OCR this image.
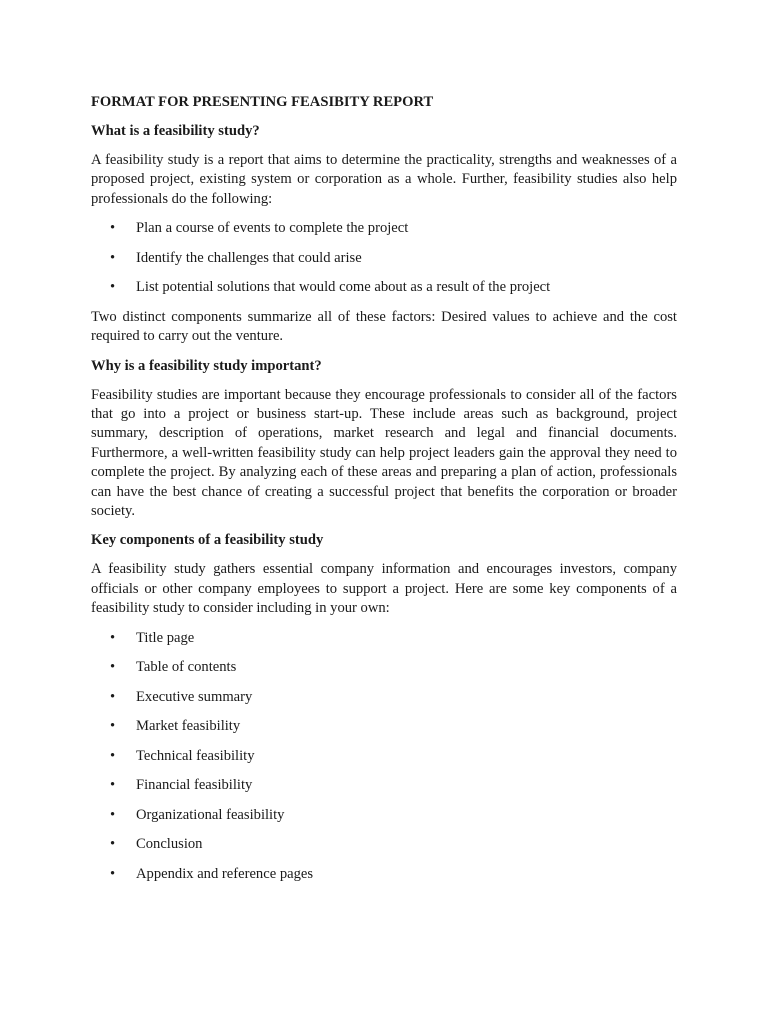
FORMAT FOR PRESENTING FEASIBITY REPORT

What is a feasibility study?

A feasibility study is a report that aims to determine the practicality, strengths and weaknesses of a proposed project, existing system or corporation as a whole. Further, feasibility studies also help professionals do the following:

• Plan a course of events to complete the project
• Identify the challenges that could arise
• List potential solutions that would come about as a result of the project

Two distinct components summarize all of these factors: Desired values to achieve and the cost required to carry out the venture.

Why is a feasibility study important?

Feasibility studies are important because they encourage professionals to consider all of the factors that go into a project or business start-up. These include areas such as background, project summary, description of operations, market research and legal and financial documents. Furthermore, a well-written feasibility study can help project leaders gain the approval they need to complete the project. By analyzing each of these areas and preparing a plan of action, professionals can have the best chance of creating a successful project that benefits the corporation or broader society.

Key components of a feasibility study

A feasibility study gathers essential company information and encourages investors, company officials or other company employees to support a project. Here are some key components of a feasibility study to consider including in your own:

• Title page
• Table of contents
• Executive summary
• Market feasibility
• Technical feasibility
• Financial feasibility
• Organizational feasibility
• Conclusion
• Appendix and reference pages
